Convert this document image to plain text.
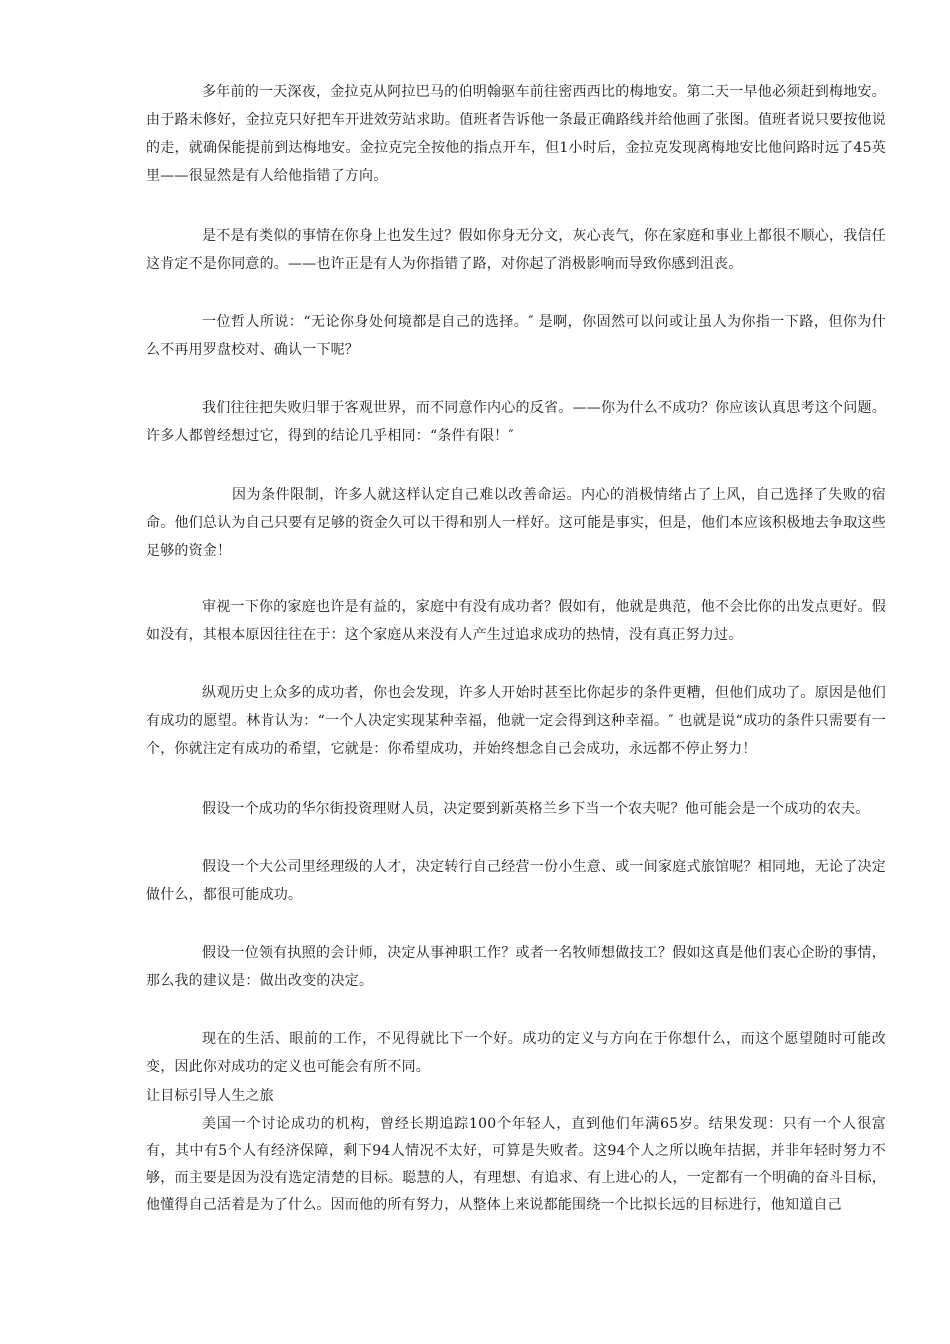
多年前的一天深夜，金拉克从阿拉巴马的伯明翰驱车前往密西西比的梅地安。第二天一早他必须赶到梅地安。由于路未修好，金拉克只好把车开进效劳站求助。值班者告诉他一条最正确路线并给他画了张图。值班者说只要按他说的走，就确保能提前到达梅地安。金拉克完全按他的指点开车，但1小时后，金拉克发现离梅地安比他问路时远了45英里——很显然是有人给他指错了方向。

是不是有类似的事情在你身上也发生过？假如你身无分文，灰心丧气，你在家庭和事业上都很不顺心，我信任这肯定不是你同意的。——也许正是有人为你指错了路，对你起了消极影响而导致你感到沮丧。

一位哲人所说：“无论你身处何境都是自己的选择。″ 是啊，你固然可以问或让虽人为你指一下路，但你为什么不再用罗盘校对、确认一下呢？

我们往往把失败归罪于客观世界，而不同意作内心的反省。——你为什么不成功？你应该认真思考这个问题。许多人都曾经想过它，得到的结论几乎相同：“条件有限！″

因为条件限制，许多人就这样认定自己难以改善命运。内心的消极情绪占了上风，自己选择了失败的宿命。他们总认为自己只要有足够的资金久可以干得和别人一样好。这可能是事实，但是，他们本应该积极地去争取这些足够的资金！

审视一下你的家庭也许是有益的，家庭中有没有成功者？假如有，他就是典范，他不会比你的出发点更好。假如没有，其根本原因往往在于：这个家庭从来没有人产生过追求成功的热情，没有真正努力过。

纵观历史上众多的成功者，你也会发现，许多人开始时甚至比你起步的条件更糟，但他们成功了。原因是他们有成功的愿望。林肯认为：“一个人决定实现某种幸福，他就一定会得到这种幸福。″ 也就是说“成功的条件只需要有一个，你就注定有成功的希望，它就是：你希望成功，并始终想念自己会成功，永远都不停止努力！

假设一个成功的华尔街投资理财人员，决定要到新英格兰乡下当一个农夫呢？他可能会是一个成功的农夫。

假设一个大公司里经理级的人才，决定转行自己经营一份小生意、或一间家庭式旅馆呢？相同地，无论了决定做什么，都很可能成功。

假设一位领有执照的会计师，决定从事神职工作？或者一名牧师想做技工？假如这真是他们衷心企盼的事情，那么我的建议是：做出改变的决定。

现在的生活、眼前的工作，不见得就比下一个好。成功的定义与方向在于你想什么，而这个愿望随时可能改变，因此你对成功的定义也可能会有所不同。

让目标引导人生之旅

美国一个讨论成功的机构，曾经长期追踪100个年轻人，直到他们年满65岁。结果发现：只有一个人很富有，其中有5个人有经济保障，剩下94人情况不太好，可算是失败者。这94个人之所以晚年拮据，并非年轻时努力不够，而主要是因为没有选定清楚的目标。聪慧的人，有理想、有追求、有上进心的人，一定都有一个明确的奋斗目标，他懂得自己活着是为了什么。因而他的所有努力，从整体上来说都能围绕一个比拟长远的目标进行，他知道自己
